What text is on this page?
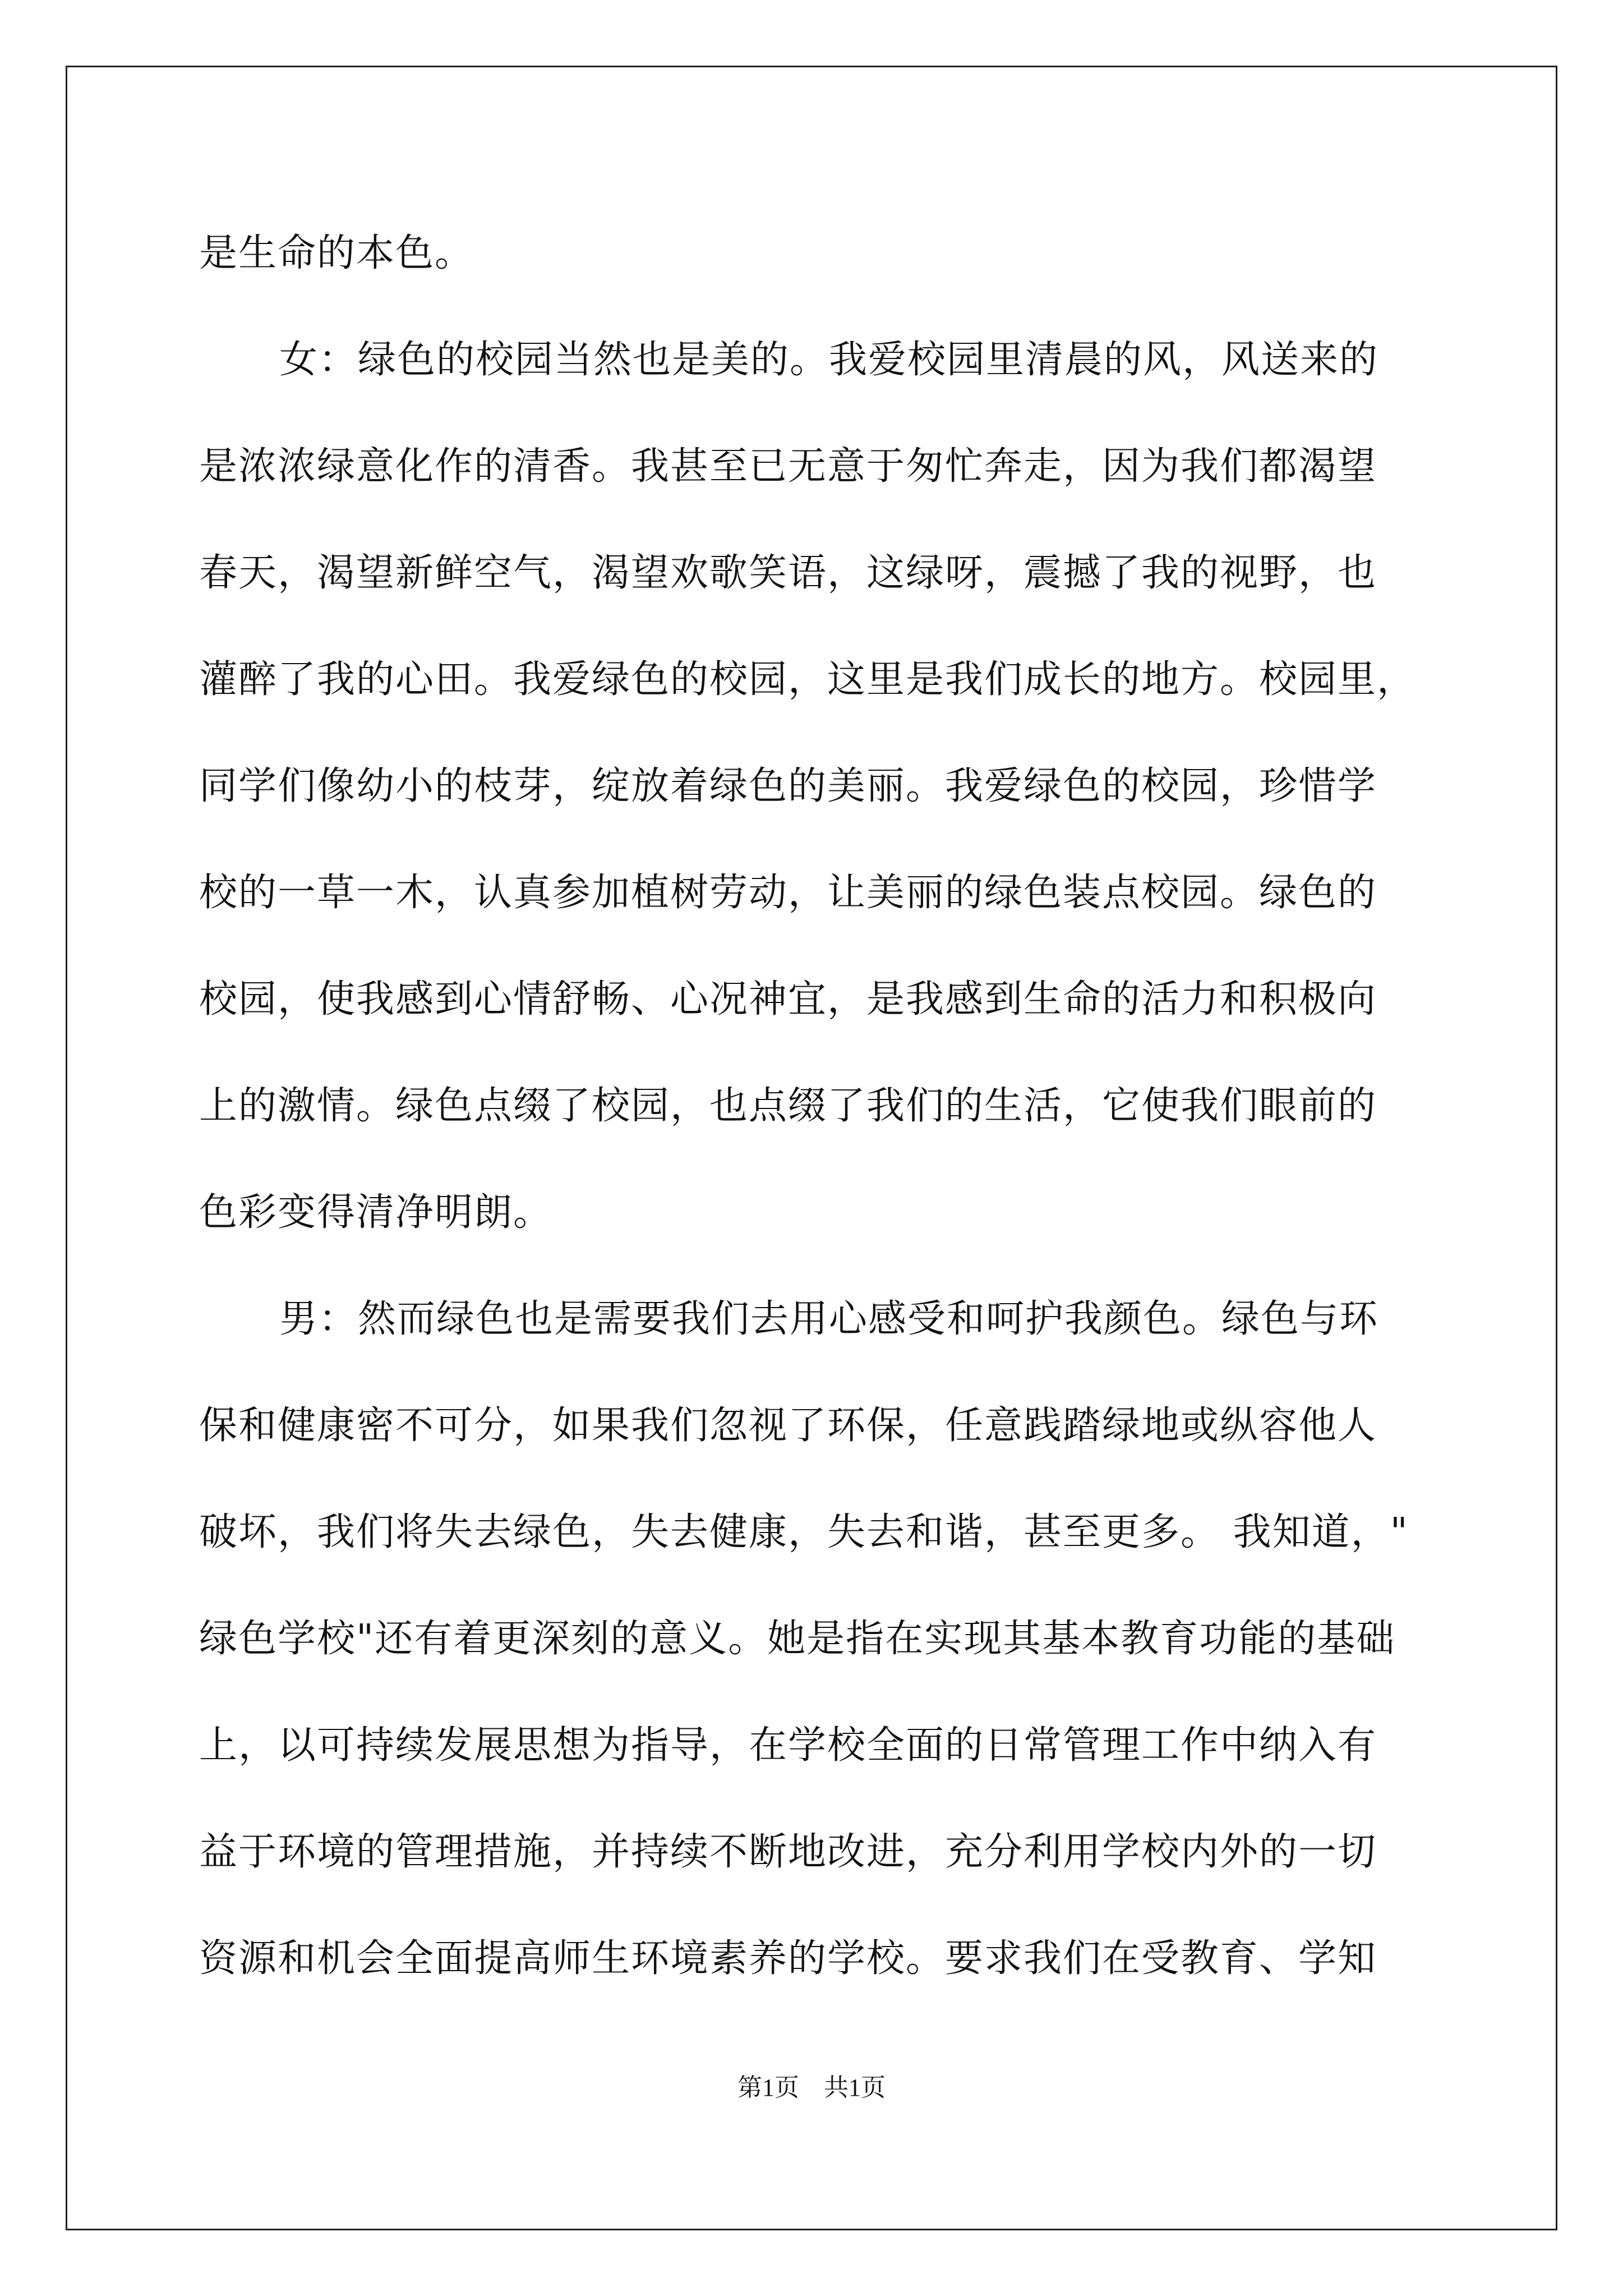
是生命的本色。
女：绿色的校园当然也是美的。我爱校园里清晨的风，风送来的
是浓浓绿意化作的清香。我甚至已无意于匆忙奔走，因为我们都渴望
春天，渴望新鲜空气，渴望欢歌笑语，这绿呀，震撼了我的视野，也
灌醉了我的心田。我爱绿色的校园，这里是我们成长的地方。校园里，
同学们像幼小的枝芽，绽放着绿色的美丽。我爱绿色的校园，珍惜学
校的一草一木，认真参加植树劳动，让美丽的绿色装点校园。绿色的
校园，使我感到心情舒畅、心况神宜，是我感到生命的活力和积极向
上的激情。绿色点缀了校园，也点缀了我们的生活，它使我们眼前的
色彩变得清净明朗。
男：然而绿色也是需要我们去用心感受和呵护我颜色。绿色与环
保和健康密不可分，如果我们忽视了环保，任意践踏绿地或纵容他人
破坏，我们将失去绿色，失去健康，失去和谐，甚至更多。 我知道，"
绿色学校"还有着更深刻的意义。她是指在实现其基本教育功能的基础
上，以可持续发展思想为指导，在学校全面的日常管理工作中纳入有
益于环境的管理措施，并持续不断地改进，充分利用学校内外的一切
资源和机会全面提高师生环境素养的学校。要求我们在受教育、学知
第1页　共1页
